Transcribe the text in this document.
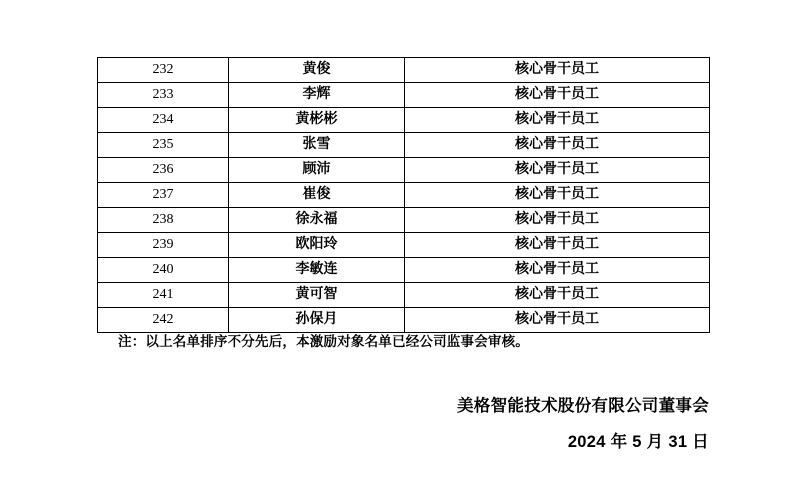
232	黄俊	核心骨干员工
233	李辉	核心骨干员工
234	黄彬彬	核心骨干员工
235	张雪	核心骨干员工
236	顾沛	核心骨干员工
237	崔俊	核心骨干员工
238	徐永福	核心骨干员工
239	欧阳玲	核心骨干员工
240	李敏连	核心骨干员工
241	黄可智	核心骨干员工
242	孙保月	核心骨干员工
注：以上名单排序不分先后，本激励对象名单已经公司监事会审核。
美格智能技术股份有限公司董事会
2024 年 5 月 31 日
